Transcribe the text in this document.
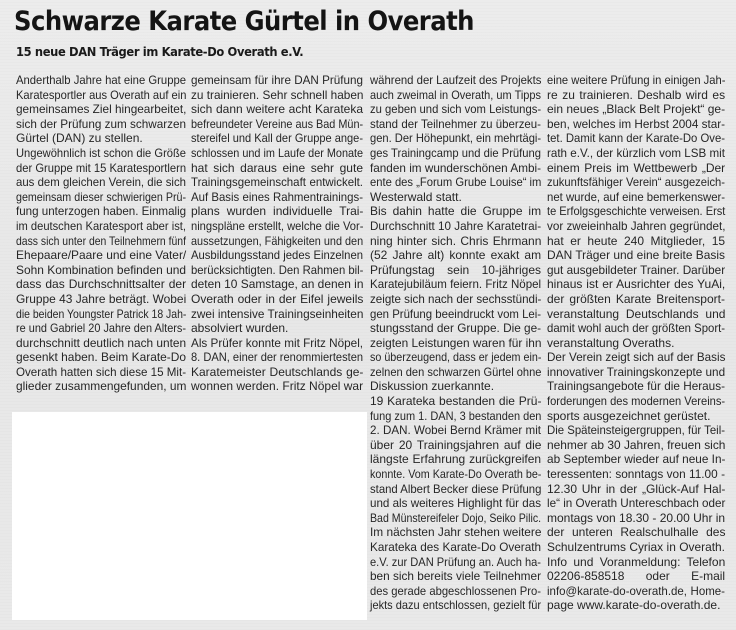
Schwarze Karate Gürtel in Overath
15 neue DAN Träger im Karate-Do Overath e.V.
Anderthalb Jahre hat eine Gruppe
Karatesportler aus Overath auf ein
gemeinsames Ziel hingearbeitet,
sich der Prüfung zum schwarzen
Gürtel (DAN) zu stellen.
Ungewöhnlich ist schon die Größe
der Gruppe mit 15 Karatesportlern
aus dem gleichen Verein, die sich
gemeinsam dieser schwierigen Prü-
fung unterzogen haben. Einmalig
im deutschen Karatesport aber ist,
dass sich unter den Teilnehmern fünf
Ehepaare/Paare und eine Vater/
Sohn Kombination befinden und
dass das Durchschnittsalter der
Gruppe 43 Jahre beträgt. Wobei
die beiden Youngster Patrick 18 Jah-
re und Gabriel 20 Jahre den Alters-
durchschnitt deutlich nach unten
gesenkt haben. Beim Karate-Do
Overath hatten sich diese 15 Mit-
glieder zusammengefunden, um
gemeinsam für ihre DAN Prüfung
zu trainieren. Sehr schnell haben
sich dann weitere acht Karateka
befreundeter Vereine aus Bad Mün-
stereifel und Kall der Gruppe ange-
schlossen und im Laufe der Monate
hat sich daraus eine sehr gute
Trainingsgemeinschaft entwickelt.
Auf Basis eines Rahmentrainings-
plans wurden individuelle Trai-
ningspläne erstellt, welche die Vor-
aussetzungen, Fähigkeiten und den
Ausbildungsstand jedes Einzelnen
berücksichtigten. Den Rahmen bil-
deten 10 Samstage, an denen in
Overath oder in der Eifel jeweils
zwei intensive Trainingseinheiten
absolviert wurden.
Als Prüfer konnte mit Fritz Nöpel,
8. DAN, einer der renommiertesten
Karatemeister Deutschlands ge-
wonnen werden. Fritz Nöpel war
während der Laufzeit des Projekts
auch zweimal in Overath, um Tipps
zu geben und sich vom Leistungs-
stand der Teilnehmer zu überzeu-
gen. Der Höhepunkt, ein mehrtägi-
ges Trainingcamp und die Prüfung
fanden im wunderschönen Ambi-
ente des „Forum Grube Louise“ im
Westerwald statt.
Bis dahin hatte die Gruppe im
Durchschnitt 10 Jahre Karatetrai-
ning hinter sich. Chris Ehrmann
(52 Jahre alt) konnte exakt am
Prüfungstag sein 10-jähriges
Karatejubiläum feiern. Fritz Nöpel
zeigte sich nach der sechsstündi-
gen Prüfung beeindruckt vom Lei-
stungsstand der Gruppe. Die ge-
zeigten Leistungen waren für ihn
so überzeugend, dass er jedem ein-
zelnen den schwarzen Gürtel ohne
Diskussion zuerkannte.
19 Karateka bestanden die Prü-
fung zum 1. DAN, 3 bestanden den
2. DAN. Wobei Bernd Krämer mit
über 20 Trainingsjahren auf die
längste Erfahrung zurückgreifen
konnte. Vom Karate-Do Overath be-
stand Albert Becker diese Prüfung
und als weiteres Highlight für das
Bad Münstereifeler Dojo, Seiko Pilic.
Im nächsten Jahr stehen weitere
Karateka des Karate-Do Overath
e.V. zur DAN Prüfung an. Auch ha-
ben sich bereits viele Teilnehmer
des gerade abgeschlossenen Pro-
jekts dazu entschlossen, gezielt für
eine weitere Prüfung in einigen Jah-
re zu trainieren. Deshalb wird es
ein neues „Black Belt Projekt“ ge-
ben, welches im Herbst 2004 star-
tet. Damit kann der Karate-Do Ove-
rath e.V., der kürzlich vom LSB mit
einem Preis im Wettbewerb „Der
zukunftsfähiger Verein“ ausgezeich-
net wurde, auf eine bemerkenswer-
te Erfolgsgeschichte verweisen. Erst
vor zweieinhalb Jahren gegründet,
hat er heute 240 Mitglieder, 15
DAN Träger und eine breite Basis
gut ausgebildeter Trainer. Darüber
hinaus ist er Ausrichter des YuAi,
der größten Karate Breitensport-
veranstaltung Deutschlands und
damit wohl auch der größten Sport-
veranstaltung Overaths.
Der Verein zeigt sich auf der Basis
innovativer Trainingskonzepte und
Trainingsangebote für die Heraus-
forderungen des modernen Vereins-
sports ausgezeichnet gerüstet.
Die Späteinsteigergruppen, für Teil-
nehmer ab 30 Jahren, freuen sich
ab September wieder auf neue In-
teressenten: sonntags von 11.00 -
12.30 Uhr in der „Glück-Auf Hal-
le“ in Overath Untereschbach oder
montags von 18.30 - 20.00 Uhr in
der unteren Realschulhalle des
Schulzentrums Cyriax in Overath.
Info und Voranmeldung: Telefon
02206-858518 oder E-mail
info@karate-do-overath.de, Home-
page www.karate-do-overath.de.
